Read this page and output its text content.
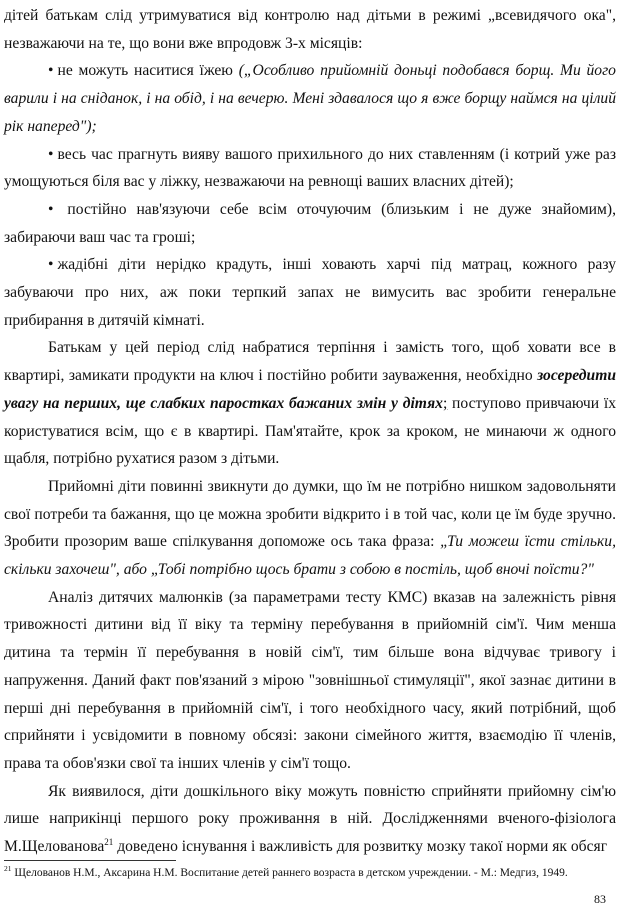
дітей батькам слід утримуватися від контролю над дітьми в режимі „всевидячого ока", незважаючи на те, що вони вже впродовж 3-х місяців:

• не можуть наситися їжею („Особливо прийомній доньці подобався борщ. Ми його варили і на сніданок, і на обід, і на вечерю. Мені здавалося що я вже борщу наймся на цілий рік наперед");

• весь час прагнуть вияву вашого прихильного до них ставленням (і котрий уже раз умощуються біля вас у ліжку, незважаючи на ревнощі ваших власних дітей);

• постійно нав'язуючи себе всім оточуючим (близьким і не дуже знайомим), забираючи ваш час та гроші;

• жадібні діти нерідко крадуть, інші ховають харчі під матрац, кожного разу забуваючи про них, аж поки терпкий запах не вимусить вас зробити генеральне прибирання в дитячій кімнаті.

Батькам у цей період слід набратися терпіння і замість того, щоб ховати все в квартирі, замикати продукти на ключ і постійно робити зауваження, необхідно зосередити увагу на перших, ще слабких паростках бажаних змін у дітях; поступово привчаючи їх користуватися всім, що є в квартирі. Пам'ятайте, крок за кроком, не минаючи ж одного щабля, потрібно рухатися разом з дітьми.

Прийомні діти повинні звикнути до думки, що їм не потрібно нишком задовольняти свої потреби та бажання, що це можна зробити відкрито і в той час, коли це їм буде зручно. Зробити прозорим ваше спілкування допоможе ось така фраза: „Ти можеш їсти стільки, скільки захочеш", або „Тобі потрібно щось брати з собою в постіль, щоб вночі поїсти?"

Аналіз дитячих малюнків (за параметрами тесту КМС) вказав на залежність рівня тривожності дитини від її віку та терміну перебування в прийомній сім'ї. Чим менша дитина та термін її перебування в новій сім'ї, тим більше вона відчуває тривогу і напруження. Даний факт пов'язаний з мірою "зовнішньої стимуляції", якої зазнає дитини в перші дні перебування в прийомній сім'ї, і того необхідного часу, який потрібний, щоб сприйняти і усвідомити в повному обсязі: закони сімейного життя, взаємодію її членів, права та обов'язки свої та інших членів у сім'ї тощо.

Як виявилося, діти дошкільного віку можуть повністю сприйняти прийомну сім'ю лише наприкінці першого року проживання в ній. Дослідженнями вченого-фізіолога М.Щелованова$^{21}$ доведено існування і важливість для розвитку мозку такої норми як обсяг

$^{21}$ Щелованов Н.М., Аксарина Н.М. Воспитание детей раннего возраста в детском учреждении. - М.: Медгиз, 1949.
83
